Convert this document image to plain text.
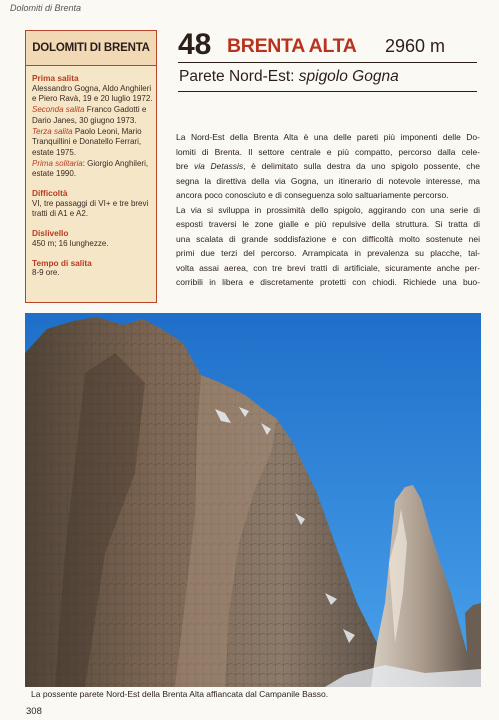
Dolomiti di Brenta
DOLOMITI DI BRENTA
Prima salita
Alessandro Gogna, Aldo Anghileri e Piero Ravà, 19 e 20 luglio 1972.
Seconda salita Franco Gadotti e Dario Janes, 30 giugno 1973.
Terza salita Paolo Leoni, Mario Tranquillini e Donatello Ferrari, estate 1975.
Prima solitaria: Giorgio Anghileri, estate 1990.
Difficoltà
VI, tre passaggi di VI+ e tre brevi tratti di A1 e A2.
Dislivello
450 m; 16 lunghezze.
Tempo di salita
8-9 ore.
48 BRENTA ALTA 2960 m
Parete Nord-Est: spigolo Gogna
La Nord-Est della Brenta Alta è una delle pareti più imponenti delle Do-
lomiti di Brenta. Il settore centrale e più compatto, percorso dalla cele-
bre via Detassis, è delimitato sulla destra da uno spigolo possente, che
segna la direttiva della via Gogna, un itinerario di notevole interesse, ma
ancora poco conosciuto e di conseguenza solo saltuariamente percorso.
La via si sviluppa in prossimità dello spigolo, aggirando con una serie di
esposti traversi le zone gialle e più repulsive della struttura. Si tratta di
una scalata di grande soddisfazione e con difficoltà molto sostenute nei
primi due terzi del percorso. Arrampicata in prevalenza su placche, tal-
volta assai aerea, con tre brevi tratti di artificiale, sicuramente anche per-
corribili in libera e discretamente protetti con chiodi. Richiede una buo-
La possente parete Nord-Est della Brenta Alta affiancata dal Campanile Basso.
308
